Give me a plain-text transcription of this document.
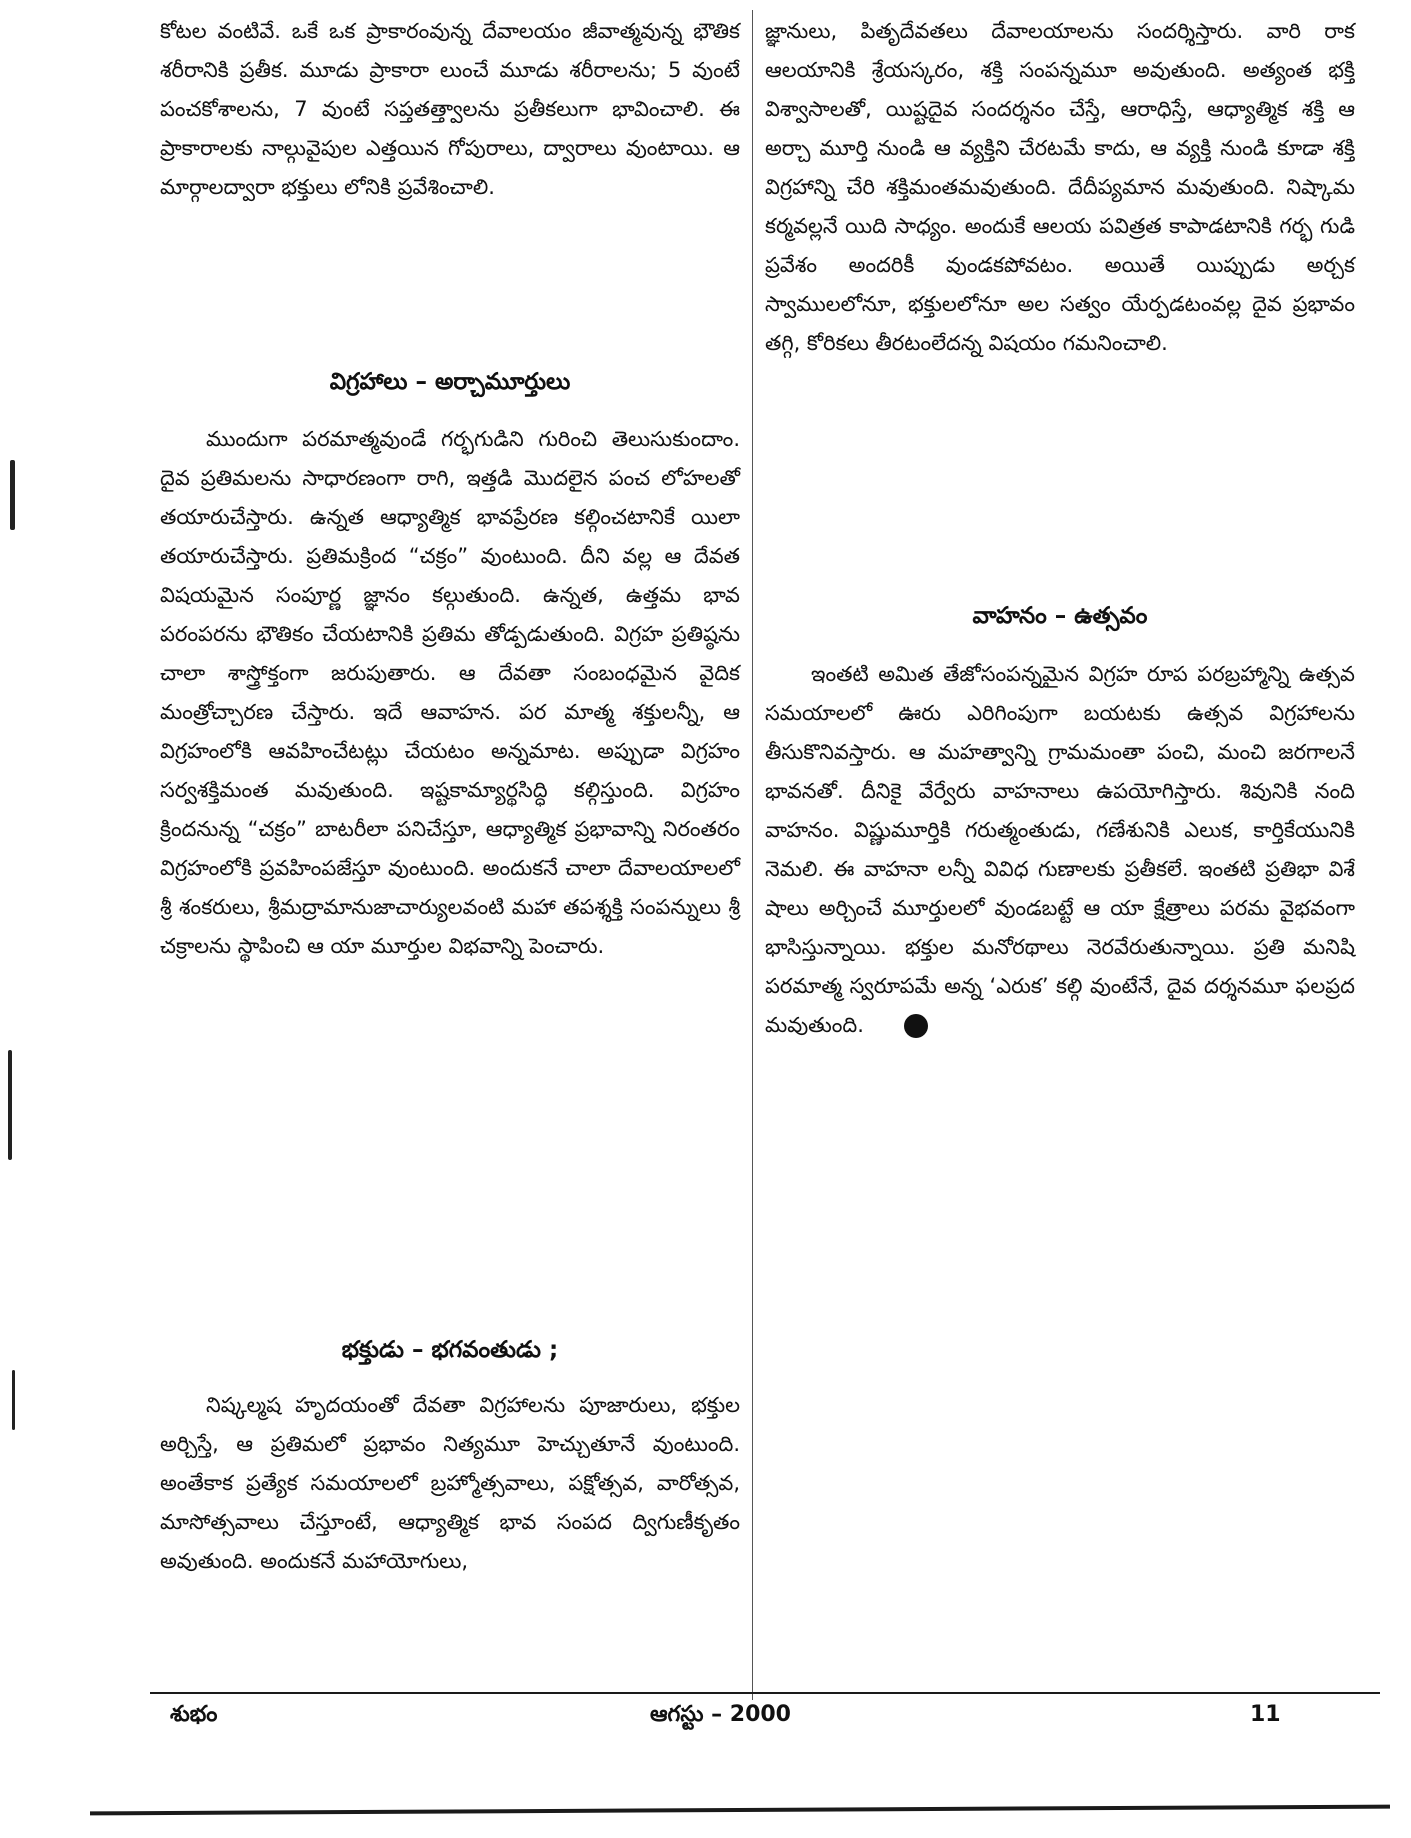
కోటల వంటివే. ఒకే ఒక ప్రాకారంవున్న దేవాలయం జీవాత్మవున్న భౌతిక శరీరానికి ప్రతీక. మూడు ప్రాకారా లుంచే మూడు శరీరాలను; 5 వుంటే పంచకోశాలను, 7 వుంటే సప్తతత్త్వాలను ప్రతీకలుగా భావించాలి. ఈ ప్రాకారాలకు నాల్గువైపుల ఎత్తయిన గోపురాలు, ద్వారాలు వుంటాయి. ఆ మార్గాలద్వారా భక్తులు లోనికి ప్రవేశించాలి.

విగ్రహాలు – అర్చామూర్తులు

ముందుగా పరమాత్మవుండే గర్భగుడిని గురించి తెలుసుకుందాం. దైవ ప్రతిమలను సాధారణంగా రాగి, ఇత్తడి మొదలైన పంచ లోహలతో తయారుచేస్తారు. ఉన్నత ఆధ్యాత్మిక భావప్రేరణ కల్గించటానికే యిలా తయారుచేస్తారు. ప్రతిమక్రింద “చక్రం” వుంటుంది. దీని వల్ల ఆ దేవత విషయమైన సంపూర్ణ జ్ఞానం కల్గుతుంది. ఉన్నత, ఉత్తమ భావ పరంపరను భౌతికం చేయటానికి ప్రతిమ తోడ్పడుతుంది. విగ్రహ ప్రతిష్ఠను చాలా శాస్త్రోక్తంగా జరుపుతారు. ఆ దేవతా సంబంధమైన వైదిక మంత్రోచ్చారణ చేస్తారు. ఇదే ఆవాహన. పర మాత్మ శక్తులన్నీ, ఆ విగ్రహంలోకి ఆవహించేటట్లు చేయటం అన్నమాట. అప్పుడా విగ్రహం సర్వశక్తిమంత మవుతుంది. ఇష్టకామ్యార్థసిద్ధి కల్గిస్తుంది. విగ్రహం క్రిందనున్న “చక్రం” బాటరీలా పనిచేస్తూ, ఆధ్యాత్మిక ప్రభావాన్ని నిరంతరం విగ్రహంలోకి ప్రవహింపజేస్తూ వుంటుంది. అందుకనే చాలా దేవాలయాలలో శ్రీ శంకరులు, శ్రీమద్రామానుజాచార్యులవంటి మహా తపశ్శక్తి సంపన్నులు శ్రీ చక్రాలను స్థాపించి ఆ యా మూర్తుల విభవాన్ని పెంచారు.

భక్తుడు – భగవంతుడు ;

నిష్కల్మష హృదయంతో దేవతా విగ్రహాలను పూజారులు, భక్తుల అర్చిస్తే, ఆ ప్రతిమలో ప్రభావం నిత్యమూ హెచ్చుతూనే వుంటుంది. అంతేకాక ప్రత్యేక సమయాలలో బ్రహ్మోత్సవాలు, పక్షోత్సవ, వారోత్సవ, మాసోత్సవాలు చేస్తూంటే, ఆధ్యాత్మిక భావ సంపద ద్విగుణీకృతం అవుతుంది. అందుకనే మహాయోగులు,

జ్ఞానులు, పితృదేవతలు దేవాలయాలను సందర్శిస్తారు. వారి రాక ఆలయానికి శ్రేయస్కరం, శక్తి సంపన్నమూ అవుతుంది. అత్యంత భక్తి విశ్వాసాలతో, యిష్టదైవ సందర్శనం చేస్తే, ఆరాధిస్తే, ఆధ్యాత్మిక శక్తి ఆ అర్చా మూర్తి నుండి ఆ వ్యక్తిని చేరటమే కాదు, ఆ వ్యక్తి నుండి కూడా శక్తి విగ్రహాన్ని చేరి శక్తిమంతమవుతుంది. దేదీప్యమాన మవుతుంది. నిష్కామ కర్మవల్లనే యిది సాధ్యం. అందుకే ఆలయ పవిత్రత కాపాడటానికి గర్భ గుడి ప్రవేశం అందరికీ వుండకపోవటం. అయితే యిప్పుడు అర్చక స్వాములలోనూ, భక్తులలోనూ అల సత్వం యేర్పడటంవల్ల దైవ ప్రభావం తగ్గి, కోరికలు తీరటంలేదన్న విషయం గమనించాలి.

వాహనం – ఉత్సవం

ఇంతటి అమిత తేజోసంపన్నమైన విగ్రహ రూప పరబ్రహ్మాన్ని ఉత్సవ సమయాలలో ఊరు ఎరిగింపుగా బయటకు ఉత్సవ విగ్రహాలను తీసుకొనివస్తారు. ఆ మహత్వాన్ని గ్రామమంతా పంచి, మంచి జరగాలనే భావనతో. దీనికై వేర్వేరు వాహనాలు ఉపయోగిస్తారు. శివునికి నంది వాహనం. విష్ణుమూర్తికి గరుత్మంతుడు, గణేశునికి ఎలుక, కార్తికేయునికి నెమలి. ఈ వాహనా లన్నీ వివిధ గుణాలకు ప్రతీకలే. ఇంతటి ప్రతిభా విశే షాలు అర్చించే మూర్తులలో వుండబట్టే ఆ యా క్షేత్రాలు పరమ వైభవంగా భాసిస్తున్నాయి. భక్తుల మనోరథాలు నెరవేరుతున్నాయి. ప్రతి మనిషి పరమాత్మ స్వరూపమే అన్న ‘ఎరుక’ కల్గి వుంటేనే, దైవ దర్శనమూ ఫలప్రద మవుతుంది.

శుభం	ఆగస్టు – 2000	11
